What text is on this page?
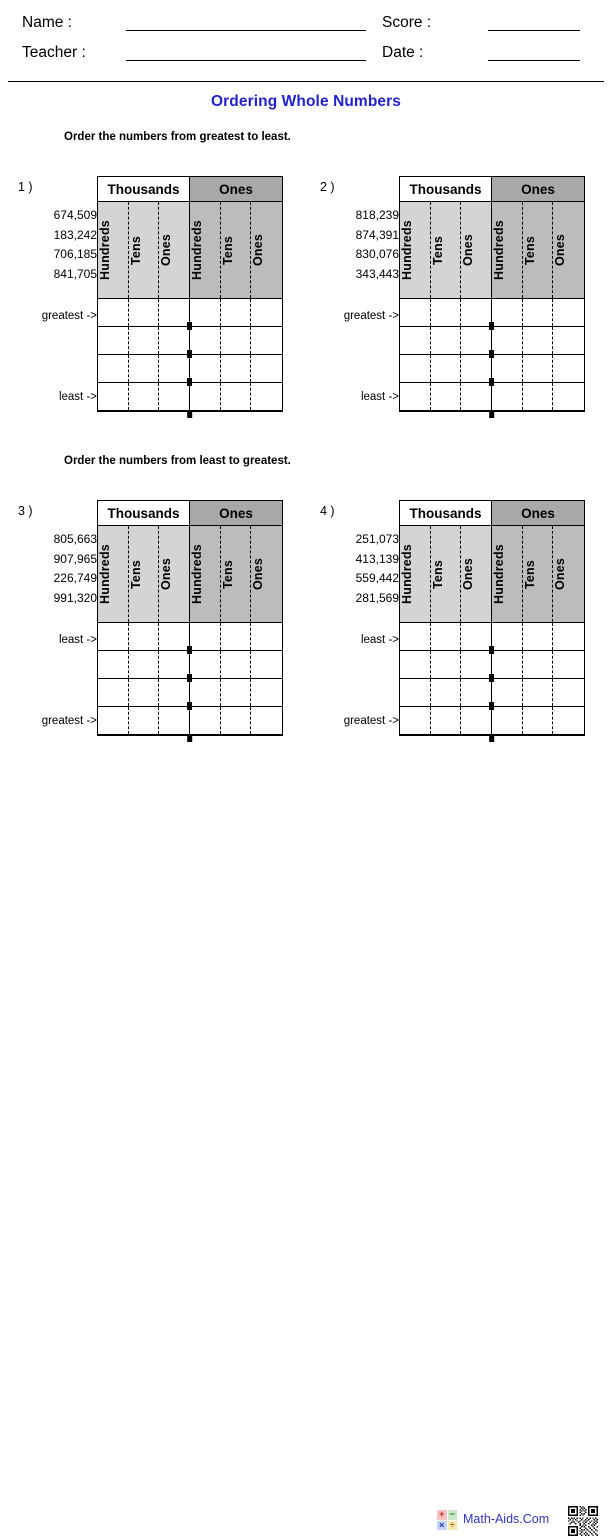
Name :	Score :
Teacher :	Date :
Ordering Whole Numbers
Order the numbers from greatest to least.
Order the numbers from least to greatest.
1 )
674,509
183,242
706,185
841,705
greatest ->
least ->
Thousands	Ones
Hundreds	Tens	Ones	Hundreds	Tens	Ones
2 )
818,239
874,391
830,076
343,443
greatest ->
least ->
Thousands	Ones
Hundreds	Tens	Ones	Hundreds	Tens	Ones
3 )
805,663
907,965
226,749
991,320
least ->
greatest ->
Thousands	Ones
Hundreds	Tens	Ones	Hundreds	Tens	Ones
4 )
251,073
413,139
559,442
281,569
least ->
greatest ->
Thousands	Ones
Hundreds	Tens	Ones	Hundreds	Tens	Ones
+ −
× ÷ Math-Aids.Com
